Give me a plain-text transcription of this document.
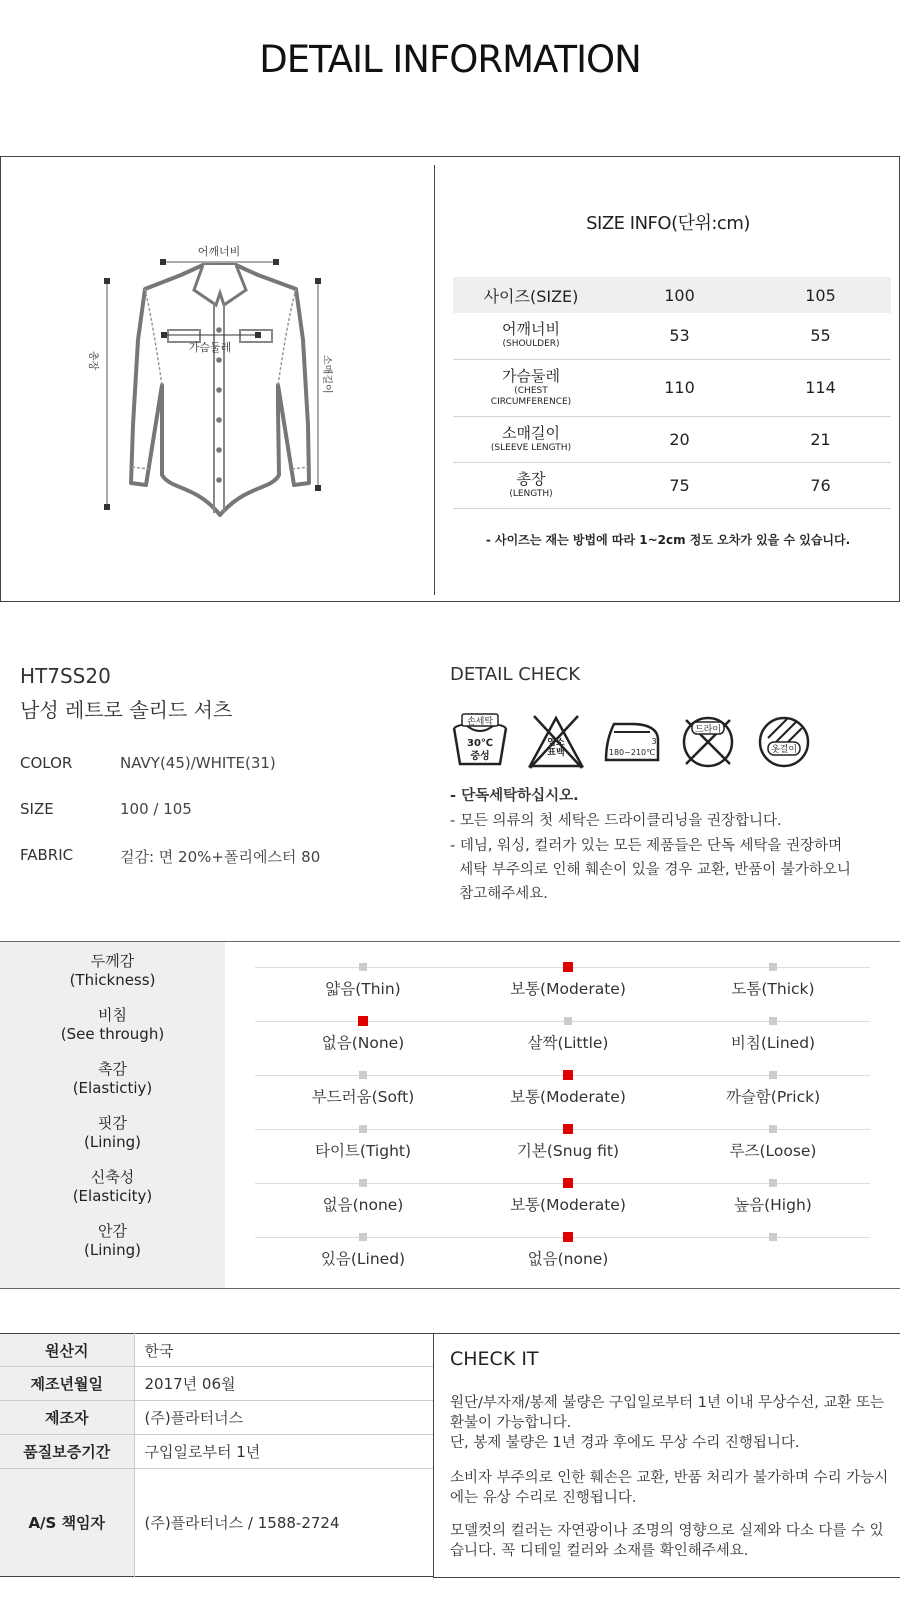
DETAIL INFORMATION
어깨너비
총장	소매길이
가슴둘레
SIZE INFO(단위:cm)
사이즈(SIZE)	100	105

어깨너비
(SHOULDER)	53	55

가슴둘레
(CHEST
CIRCUMFERENCE)	110	114

소매길이
(SLEEVE LENGTH)	20	21

총장
(LENGTH)	75	76
- 사이즈는 재는 방법에 따라 1~2cm 정도 오차가 있을 수 있습니다.
HT7SS20
남성 레트로 솔리드 셔츠
COLOR	NAVY(45)/WHITE(31)
SIZE	100 / 105
FABRIC	겉감: 면 20%+폴리에스터 80
DETAIL CHECK
손세탁
30℃
중성
염소 표백
3
180~210℃
드라이
옷걸이
- 단독세탁하십시오.
- 모든 의류의 첫 세탁은 드라이클리닝을 권장합니다.
- 데님, 워싱, 컬러가 있는 모든 제품들은 단독 세탁을 권장하며
세탁 부주의로 인해 훼손이 있을 경우 교환, 반품이 불가하오니
참고해주세요.
두께감
(Thickness)	얇음(Thin)	보통(Moderate)	도톰(Thick)
비침
(See through)	없음(None)	살짝(Little)	비침(Lined)
촉감
(Elastictiy)	부드러움(Soft)	보통(Moderate)	까슬함(Prick)
핏감
(Lining)	타이트(Tight)	기본(Snug fit)	루즈(Loose)
신축성
(Elasticity)	없음(none)	보통(Moderate)	높음(High)
안감
(Lining)	있음(Lined)	없음(none)
원산지	한국
제조년월일	2017년 06월
제조자	(주)플라터너스
품질보증기간	구입일로부터 1년
A/S 책임자	(주)플라터너스 / 1588-2724
CHECK IT
원단/부자재/봉제 불량은 구입일로부터 1년 이내 무상수선, 교환 또는 환불이 가능합니다.
단, 봉제 불량은 1년 경과 후에도 무상 수리 진행됩니다.
소비자 부주의로 인한 훼손은 교환, 반품 처리가 불가하며 수리 가능시에는 유상 수리로 진행됩니다.
모델컷의 컬러는 자연광이나 조명의 영향으로 실제와 다소 다를 수 있습니다. 꼭 디테일 컬러와 소재를 확인해주세요.
